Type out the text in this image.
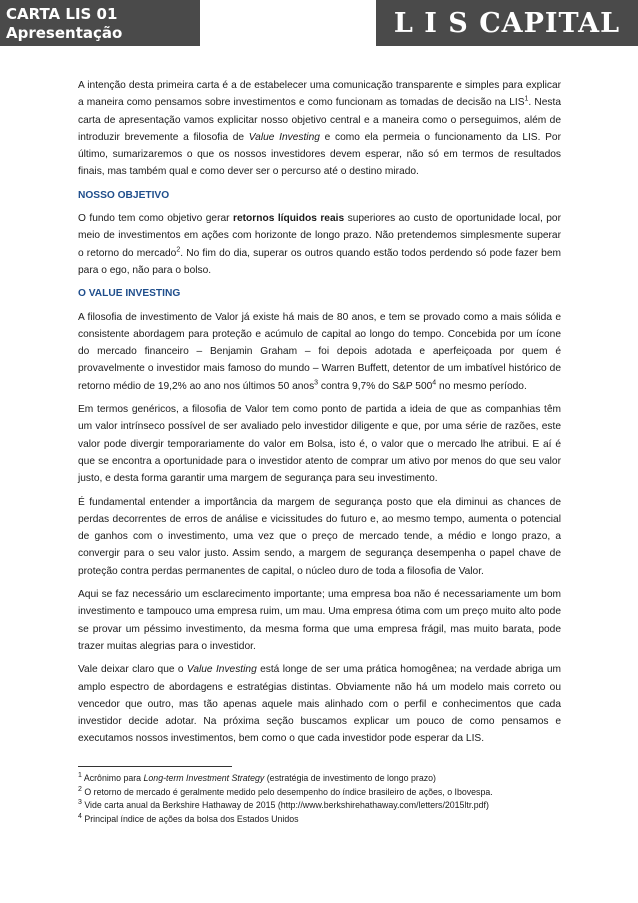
CARTA LIS 01
Apresentação	L I S CAPITAL

A intenção desta primeira carta é a de estabelecer uma comunicação transparente e simples para explicar a maneira como pensamos sobre investimentos e como funcionam as tomadas de decisão na LIS$^1$. Nesta carta de apresentação vamos explicitar nosso objetivo central e a maneira como o perseguimos, além de introduzir brevemente a filosofia de Value Investing e como ela permeia o funcionamento da LIS. Por último, sumarizaremos o que os nossos investidores devem esperar, não só em termos de resultados finais, mas também qual e como dever ser o percurso até o destino mirado.

NOSSO OBJETIVO

O fundo tem como objetivo gerar retornos líquidos reais superiores ao custo de oportunidade local, por meio de investimentos em ações com horizonte de longo prazo. Não pretendemos simplesmente superar o retorno do mercado$^2$. No fim do dia, superar os outros quando estão todos perdendo só pode fazer bem para o ego, não para o bolso.

O VALUE INVESTING

A filosofia de investimento de Valor já existe há mais de 80 anos, e tem se provado como a mais sólida e consistente abordagem para proteção e acúmulo de capital ao longo do tempo. Concebida por um ícone do mercado financeiro – Benjamin Graham – foi depois adotada e aperfeiçoada por quem é provavelmente o investidor mais famoso do mundo – Warren Buffett, detentor de um imbatível histórico de retorno médio de 19,2% ao ano nos últimos 50 anos$^3$ contra 9,7% do S&P $500^4$ no mesmo período.

Em termos genéricos, a filosofia de Valor tem como ponto de partida a ideia de que as companhias têm um valor intrínseco possível de ser avaliado pelo investidor diligente e que, por uma série de razões, este valor pode divergir temporariamente do valor em Bolsa, isto é, o valor que o mercado lhe atribui. E aí é que se encontra a oportunidade para o investidor atento de comprar um ativo por menos do que seu valor justo, e desta forma garantir uma margem de segurança para seu investimento.

É fundamental entender a importância da margem de segurança posto que ela diminui as chances de perdas decorrentes de erros de análise e vicissitudes do futuro e, ao mesmo tempo, aumenta o potencial de ganhos com o investimento, uma vez que o preço de mercado tende, a médio e longo prazo, a convergir para o seu valor justo. Assim sendo, a margem de segurança desempenha o papel chave de proteção contra perdas permanentes de capital, o núcleo duro de toda a filosofia de Valor.

Aqui se faz necessário um esclarecimento importante; uma empresa boa não é necessariamente um bom investimento e tampouco uma empresa ruim, um mau. Uma empresa ótima com um preço muito alto pode se provar um péssimo investimento, da mesma forma que uma empresa frágil, mas muito barata, pode trazer muitas alegrias para o investidor.

Vale deixar claro que o Value Investing está longe de ser uma prática homogênea; na verdade abriga um amplo espectro de abordagens e estratégias distintas. Obviamente não há um modelo mais correto ou vencedor que outro, mas tão apenas aquele mais alinhado com o perfil e conhecimentos que cada investidor decide adotar. Na próxima seção buscamos explicar um pouco de como pensamos e executamos nossos investimentos, bem como o que cada investidor pode esperar da LIS.

$^1$ Acrônimo para Long-term Investment Strategy (estratégia de investimento de longo prazo)
$^2$ O retorno de mercado é geralmente medido pelo desempenho do índice brasileiro de ações, o Ibovespa.
$^3$ Vide carta anual da Berkshire Hathaway de 2015 (http://www.berkshirehathaway.com/letters/2015ltr.pdf)
$^4$ Principal índice de ações da bolsa dos Estados Unidos
